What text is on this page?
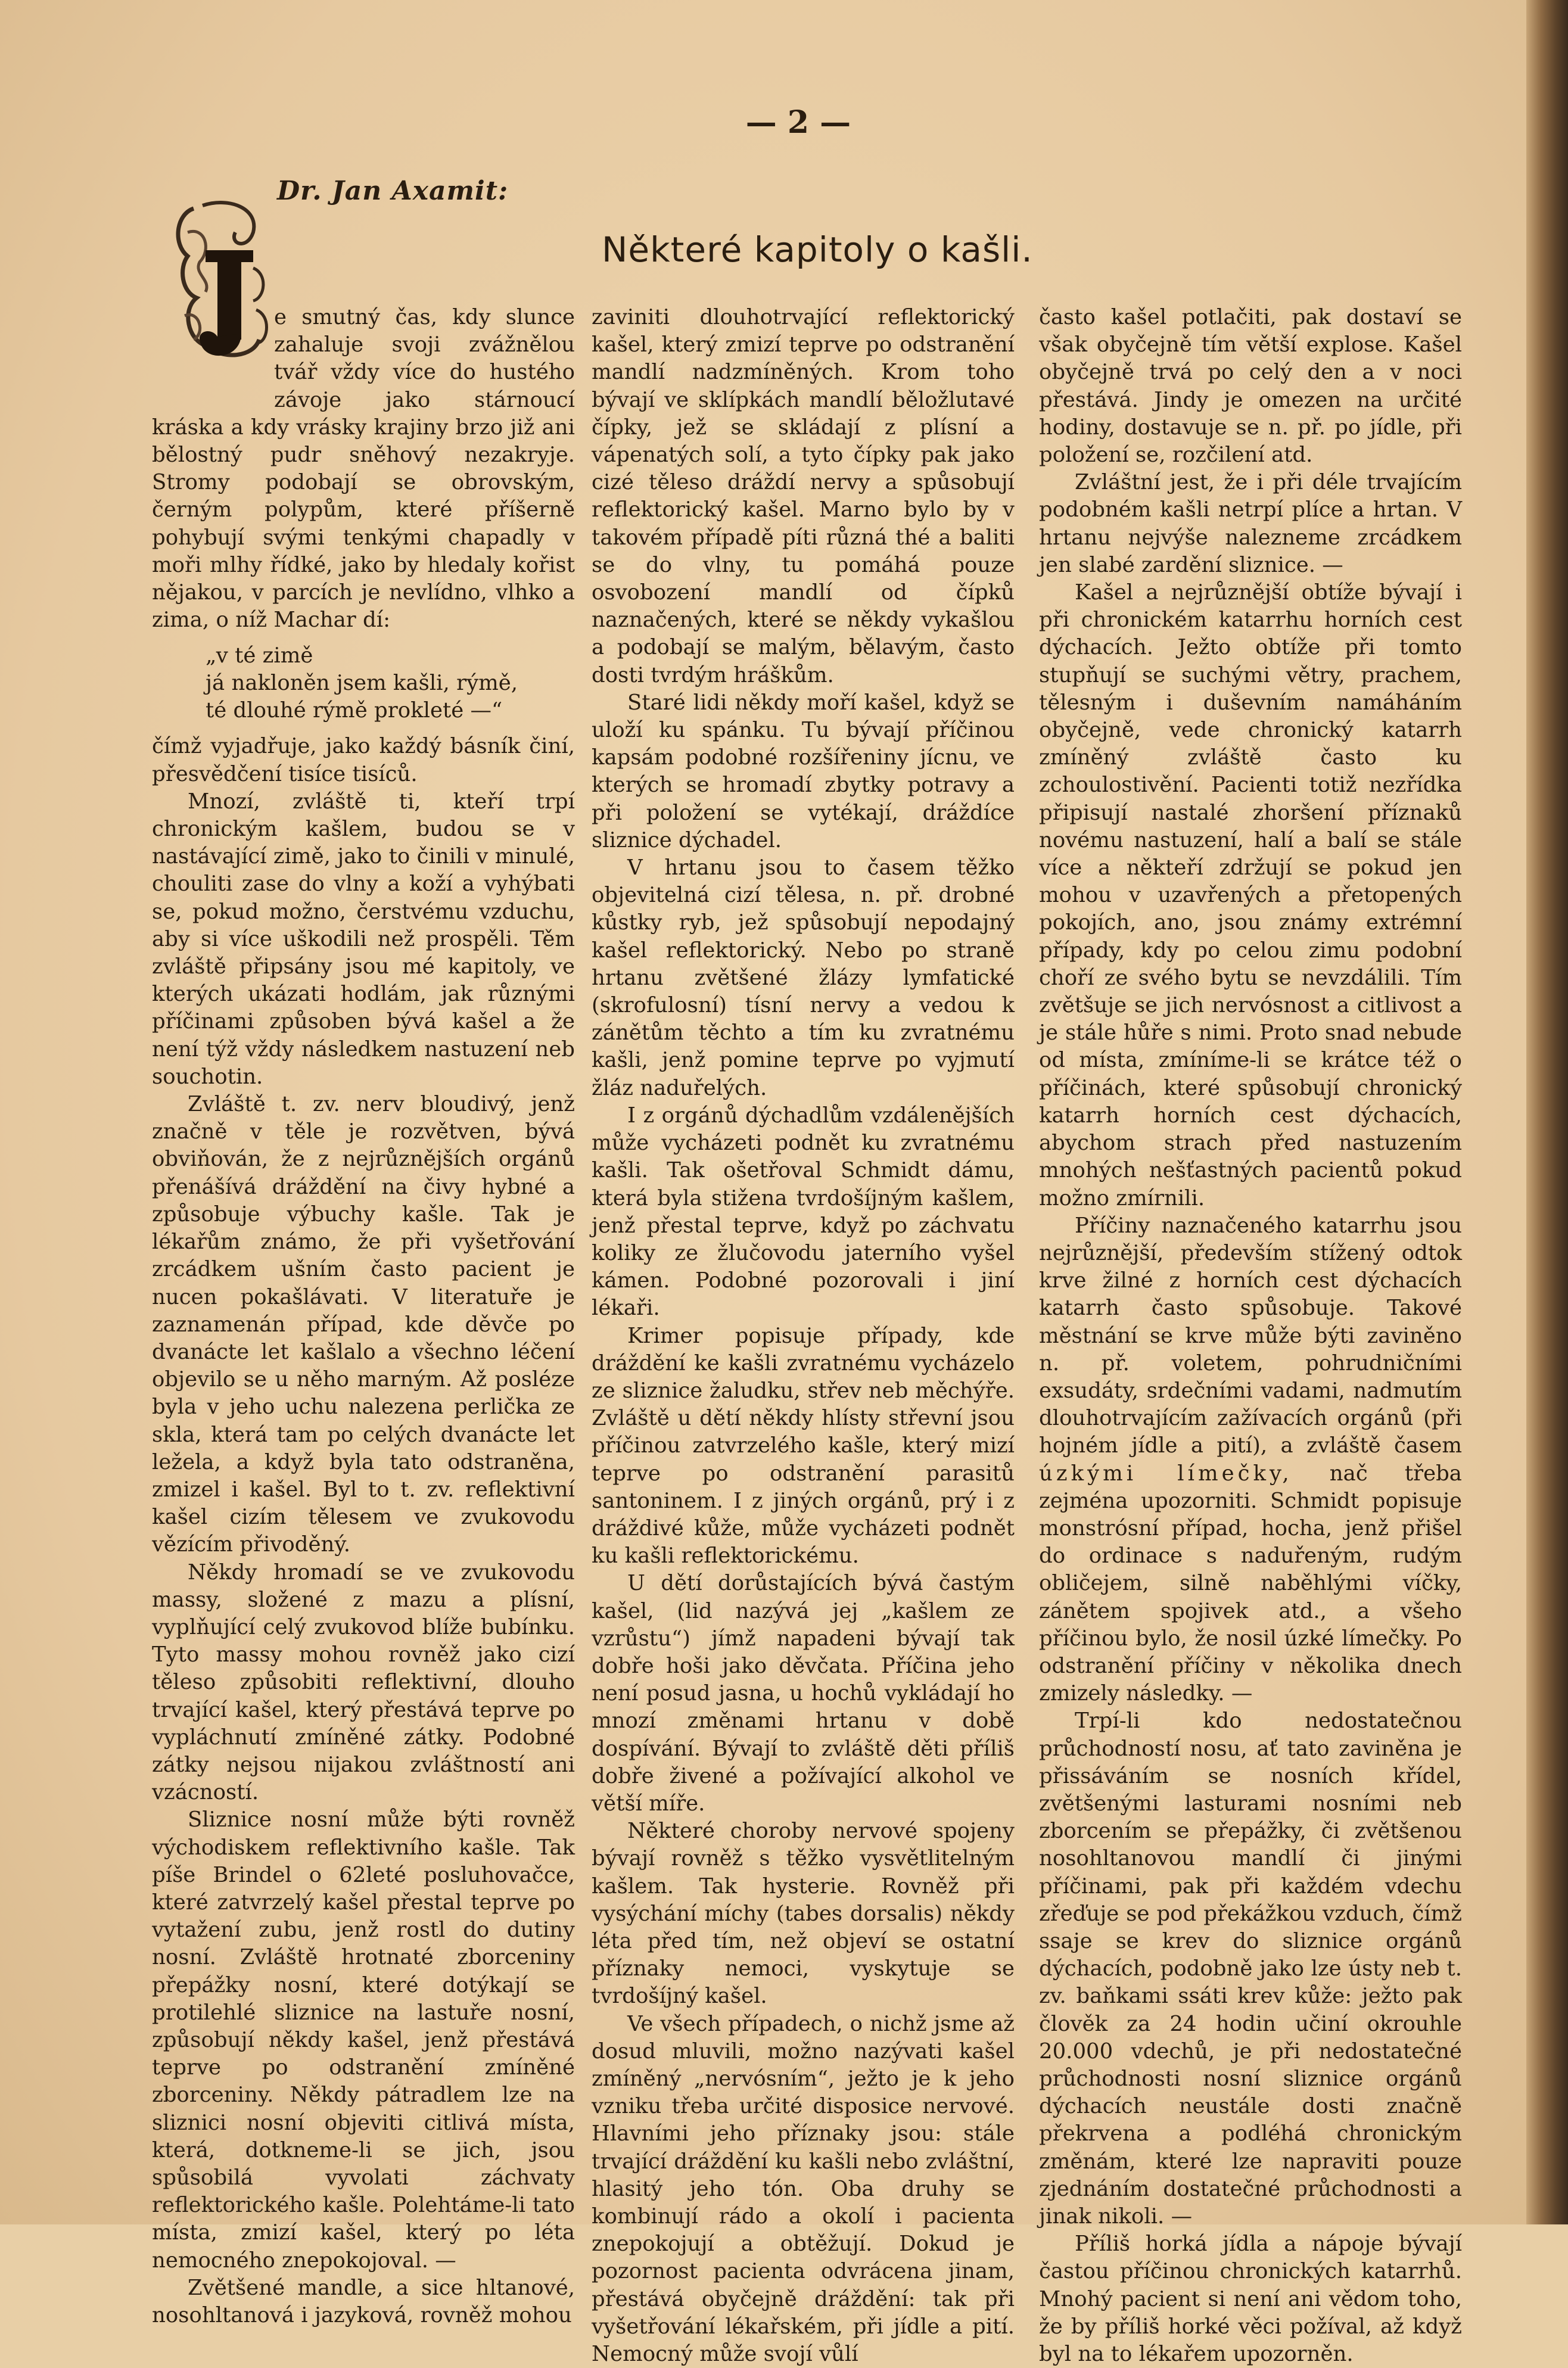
— 2 —
Dr. Jan Axamit:
Některé kapitoly o kašli.

e smutný čas, kdy slunce zahaluje svoji zvážnělou tvář vždy více do hustého závoje jako stárnoucí kráska a kdy vrásky krajiny brzo již ani bělostný pudr sněhový nezakryje. Stromy podobají se obrovským, černým polypům, které příšerně pohybují svými tenkými chapadly v moři mlhy řídké, jako by hledaly kořist nějakou, v parcích je nevlídno, vlhko a zima, o níž Machar dí:

„v té zimě
já nakloněn jsem kašli, rýmě,
té dlouhé rýmě prokleté —“

čímž vyjadřuje, jako každý básník činí, přesvědčení tisíce tisíců.

Mnozí, zvláště ti, kteří trpí chronickým kašlem, budou se v nastávající zimě, jako to činili v minulé, chouliti zase do vlny a koží a vyhýbati se, pokud možno, čerstvému vzduchu, aby si více uškodili než prospěli. Těm zvláště připsány jsou mé kapitoly, ve kterých ukázati hodlám, jak různými příčinami způsoben bývá kašel a že není týž vždy následkem nastuzení neb souchotin.

Zvláště t. zv. nerv bloudivý, jenž značně v těle je rozvětven, bývá obviňován, že z nejrůznějších orgánů přenášívá dráždění na čivy hybné a způsobuje výbuchy kašle. Tak je lékařům známo, že při vyšetřování zrcádkem ušním často pacient je nucen pokašlávati. V literatuře je zaznamenán případ, kde děvče po dvanácte let kašlalo a všechno léčení objevilo se u něho marným. Až posléze byla v jeho uchu nalezena perlička ze skla, která tam po celých dvanácte let ležela, a když byla tato odstraněna, zmizel i kašel. Byl to t. zv. reflektivní kašel cizím tělesem ve zvukovodu vězícím přivoděný.

Někdy hromadí se ve zvukovodu massy, složené z mazu a plísní, vyplňující celý zvukovod blíže bubínku. Tyto massy mohou rovněž jako cizí těleso způsobiti reflektivní, dlouho trvající kašel, který přestává teprve po vypláchnutí zmíněné zátky. Podobné zátky nejsou nijakou zvláštností ani vzácností.

Sliznice nosní může býti rovněž východiskem reflektivního kašle. Tak píše Brindel o 62leté posluhovačce, které zatvrzelý kašel přestal teprve po vytažení zubu, jenž rostl do dutiny nosní. Zvláště hrotnaté zborceniny přepážky nosní, které dotýkají se protilehlé sliznice na lastuře nosní, způsobují někdy kašel, jenž přestává teprve po odstranění zmíněné zborceniny. Někdy pátradlem lze na sliznici nosní objeviti citlivá místa, která, dotkneme-li se jich, jsou spůsobilá vyvolati záchvaty reflektorického kašle. Polehtáme-li tato místa, zmizí kašel, který po léta nemocného znepokojoval. —

Zvětšené mandle, a sice hltanové, nosohltanová i jazyková, rovněž mohou

zaviniti dlouhotrvající reflektorický kašel, který zmizí teprve po odstranění mandlí nadzmíněných. Krom toho bývají ve sklípkách mandlí běložlutavé čípky, jež se skládají z plísní a vápenatých solí, a tyto čípky pak jako cizé těleso dráždí nervy a spůsobují reflektorický kašel. Marno bylo by v takovém případě píti různá thé a baliti se do vlny, tu pomáhá pouze osvobození mandlí od čípků naznačených, které se někdy vykašlou a podobají se malým, bělavým, často dosti tvrdým hráškům.

Staré lidi někdy moří kašel, když se uloží ku spánku. Tu bývají příčinou kapsám podobné rozšířeniny jícnu, ve kterých se hromadí zbytky potravy a při položení se vytékají, dráždíce sliznice dýchadel.

V hrtanu jsou to časem těžko objevitelná cizí tělesa, n. př. drobné kůstky ryb, jež spůsobují nepodajný kašel reflektorický. Nebo po straně hrtanu zvětšené žlázy lymfatické (skrofulosní) tísní nervy a vedou k zánětům těchto a tím ku zvratnému kašli, jenž pomine teprve po vyjmutí žláz naduřelých.

I z orgánů dýchadlům vzdálenějších může vycházeti podnět ku zvratnému kašli. Tak ošetřoval Schmidt dámu, která byla stižena tvrdošíjným kašlem, jenž přestal teprve, když po záchvatu koliky ze žlučovodu jaterního vyšel kámen. Podobné pozorovali i jiní lékaři.

Krimer popisuje případy, kde dráždění ke kašli zvratnému vycházelo ze sliznice žaludku, střev neb měchýře. Zvláště u dětí někdy hlísty střevní jsou příčinou zatvrzelého kašle, který mizí teprve po odstranění parasitů santoninem. I z jiných orgánů, prý i z dráždivé kůže, může vycházeti podnět ku kašli reflektorickému.

U dětí dorůstajících bývá častým kašel, (lid nazývá jej „kašlem ze vzrůstu“) jímž napadeni bývají tak dobře hoši jako děvčata. Příčina jeho není posud jasna, u hochů vykládají ho mnozí změnami hrtanu v době dospívání. Bývají to zvláště děti příliš dobře živené a požívající alkohol ve větší míře.

Některé choroby nervové spojeny bývají rovněž s těžko vysvětlitelným kašlem. Tak hysterie. Rovněž při vysýchání míchy (tabes dorsalis) někdy léta před tím, než objeví se ostatní příznaky nemoci, vyskytuje se tvrdošíjný kašel.

Ve všech případech, o nichž jsme až dosud mluvili, možno nazývati kašel zmíněný „nervósním“, ježto je k jeho vzniku třeba určité disposice nervové. Hlavními jeho příznaky jsou: stále trvající dráždění ku kašli nebo zvláštní, hlasitý jeho tón. Oba druhy se kombinují rádo a okolí i pacienta znepokojují a obtěžují. Dokud je pozornost pacienta odvrácena jinam, přestává obyčejně dráždění: tak při vyšetřování lékařském, při jídle a pití. Nemocný může svojí vůlí

často kašel potlačiti, pak dostaví se však obyčejně tím větší explose. Kašel obyčejně trvá po celý den a v noci přestává. Jindy je omezen na určité hodiny, dostavuje se n. př. po jídle, při položení se, rozčilení atd.

Zvláštní jest, že i při déle trvajícím podobném kašli netrpí plíce a hrtan. V hrtanu nejvýše nalezneme zrcádkem jen slabé zardění sliznice. —

Kašel a nejrůznější obtíže bývají i při chronickém katarrhu horních cest dýchacích. Ježto obtíže při tomto stupňují se suchými větry, prachem, tělesným i duševním namáháním obyčejně, vede chronický katarrh zmíněný zvláště často ku zchoulostivění. Pacienti totiž nezřídka připisují nastalé zhoršení příznaků novému nastuzení, halí a balí se stále více a někteří zdržují se pokud jen mohou v uzavřených a přetopených pokojích, ano, jsou známy extrémní případy, kdy po celou zimu podobní choří ze svého bytu se nevzdálili. Tím zvětšuje se jich nervósnost a citlivost a je stále hůře s nimi. Proto snad nebude od místa, zmíníme-li se krátce též o příčinách, které spůsobují chronický katarrh horních cest dýchacích, abychom strach před nastuzením mnohých nešťastných pacientů pokud možno zmírnili.

Příčiny naznačeného katarrhu jsou nejrůznější, především stížený odtok krve žilné z horních cest dýchacích katarrh často spůsobuje. Takové městnání se krve může býti zaviněno n. př. voletem, pohrudničními exsudáty, srdečními vadami, nadmutím dlouhotrvajícím zažívacích orgánů (při hojném jídle a pití), a zvláště časem úzkými límečky, nač třeba zejména upozorniti. Schmidt popisuje monstrósní případ, hocha, jenž přišel do ordinace s naduřeným, rudým obličejem, silně naběhlými víčky, zánětem spojivek atd., a všeho příčinou bylo, že nosil úzké límečky. Po odstranění příčiny v několika dnech zmizely následky. —

Trpí-li kdo nedostatečnou průchodností nosu, ať tato zaviněna je přissáváním se nosních křídel, zvětšenými lasturami nosními neb zborcením se přepážky, či zvětšenou nosohltanovou mandlí či jinými příčinami, pak při každém vdechu zřeďuje se pod překážkou vzduch, čímž ssaje se krev do sliznice orgánů dýchacích, podobně jako lze ústy neb t. zv. baňkami ssáti krev kůže: ježto pak člověk za 24 hodin učiní okrouhle 20.000 vdechů, je při nedostatečné průchodnosti nosní sliznice orgánů dýchacích neustále dosti značně překrvena a podléhá chronickým změnám, které lze napraviti pouze zjednáním dostatečné průchodnosti a jinak nikoli. —

Příliš horká jídla a nápoje bývají častou příčinou chronických katarrhů. Mnohý pacient si není ani vědom toho, že by příliš horké věci požíval, až když byl na to lékařem upozorněn.
